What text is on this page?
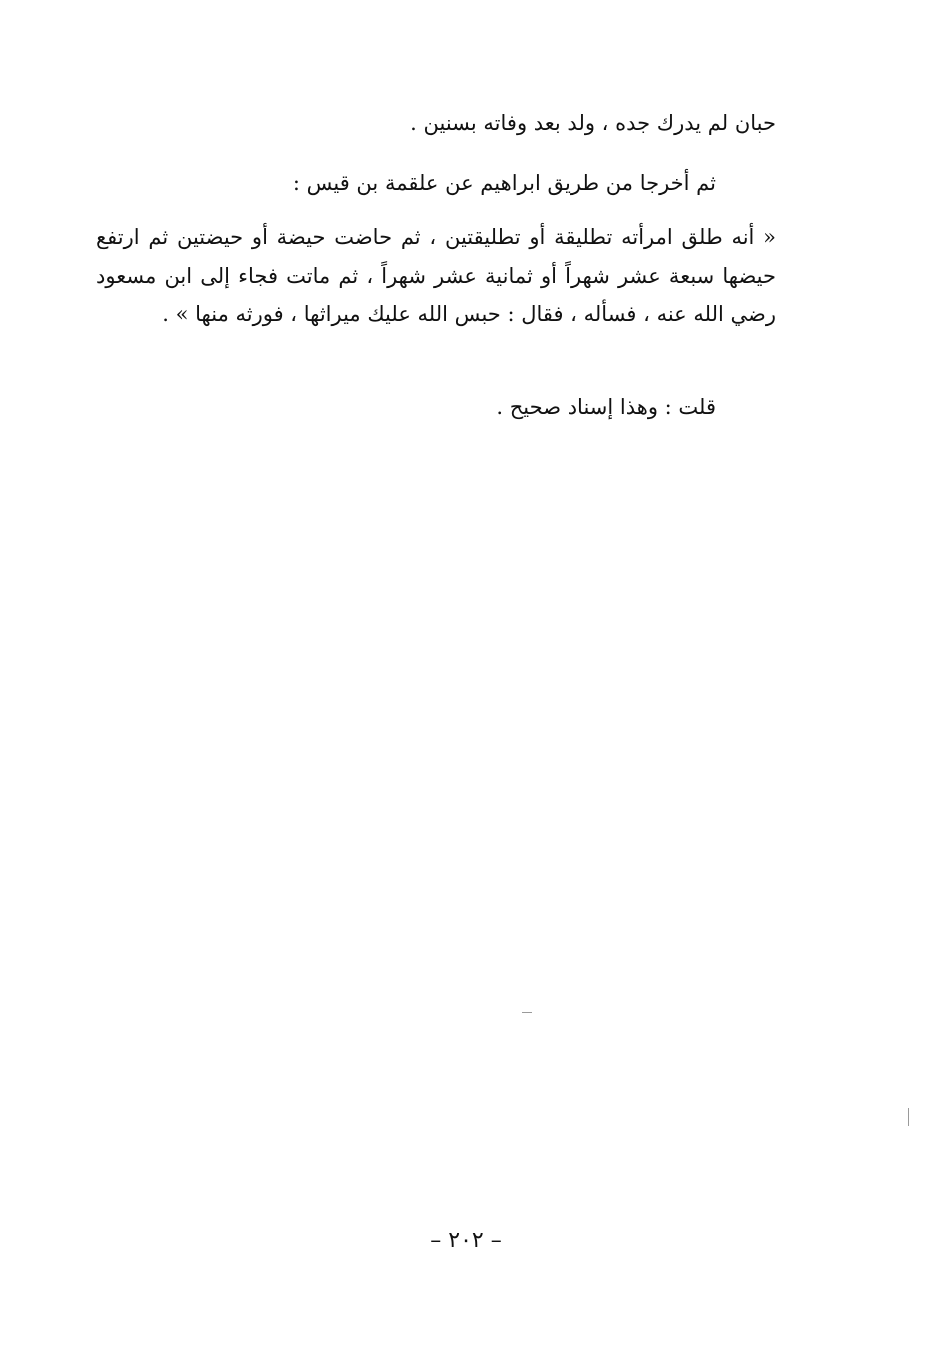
حبان لم يدرك جده ، ولد بعد وفاته بسنين .
ثم أخرجا من طريق ابراهيم عن علقمة بن قيس :
« أنه طلق امرأته تطليقة أو تطليقتين ، ثم حاضت حيضة أو حيضتين ثم ارتفع حيضها سبعة عشر شهراً أو ثمانية عشر شهراً ، ثم ماتت فجاء إلى ابن مسعود رضي الله عنه ، فسأله ، فقال : حبس الله عليك ميراثها ، فورثه منها » .
قلت : وهذا إسناد صحيح .
– ٢٠٢ –
